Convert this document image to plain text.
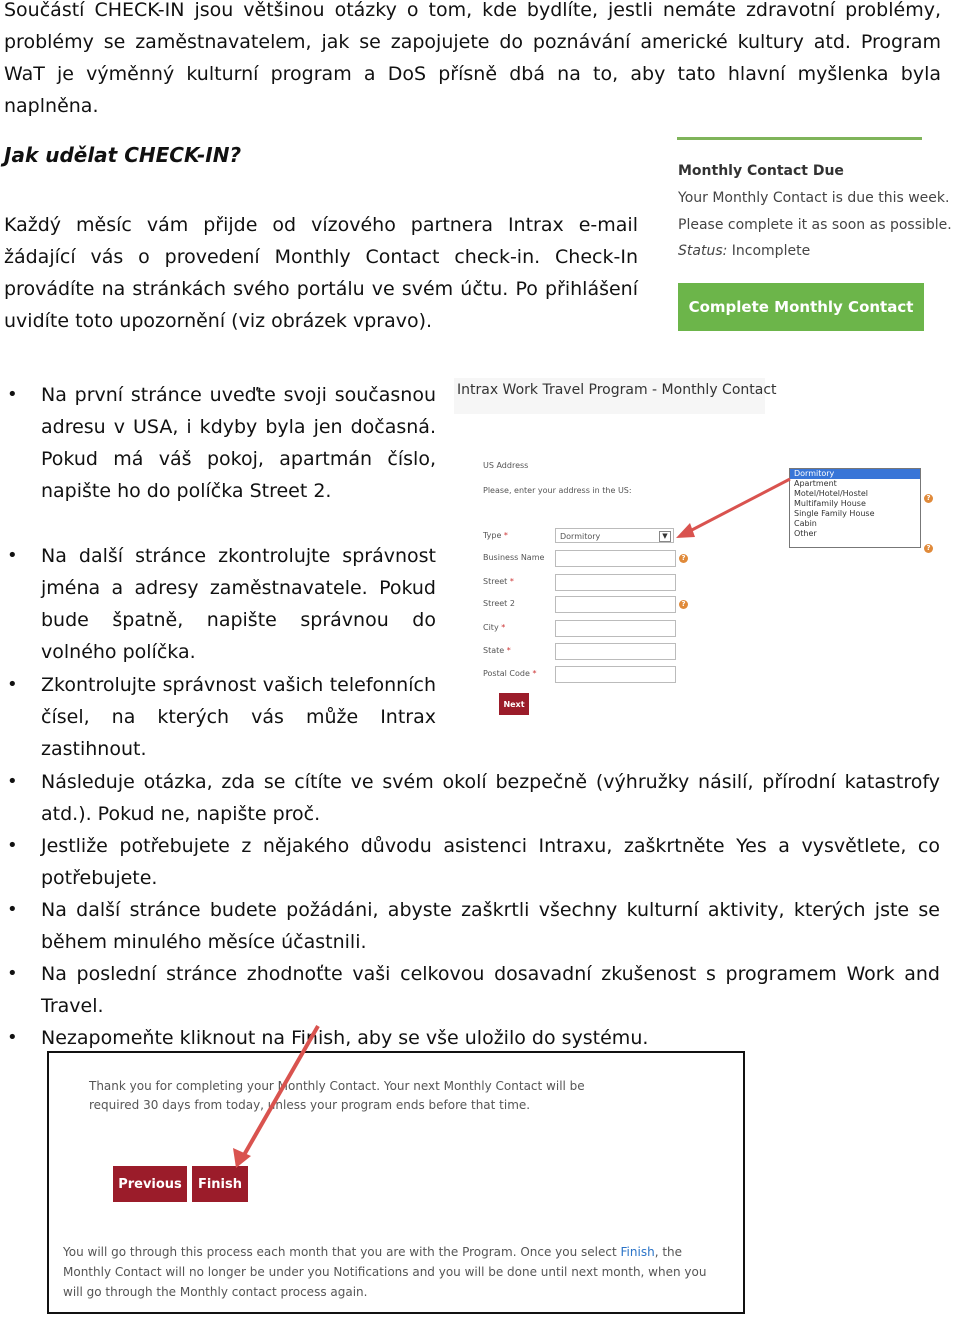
Součástí CHECK-IN jsou většinou otázky o tom, kde bydlíte, jestli nemáte zdravotní problémy, problémy se zaměstnavatelem, jak se zapojujete do poznávání americké kultury atd. Program WaT je výměnný kulturní program a DoS přísně dbá na to, aby tato hlavní myšlenka byla naplněna.

Jak udělat CHECK-IN?

Každý měsíc vám přijde od vízového partnera Intrax e-mail žádající vás o provedení Monthly Contact check-in. Check-In provádíte na stránkách svého portálu ve svém účtu. Po přihlášení uvidíte toto upozornění (viz obrázek vpravo).

Monthly Contact Due
Your Monthly Contact is due this week.
Please complete it as soon as possible.
Status: Incomplete
Complete Monthly Contact
• Na první stránce uveďte svoji současnou adresu v USA, i kdyby byla jen dočasná. Pokud má váš pokoj, apartmán číslo, napište ho do políčka Street 2.
Intrax Work Travel Program - Monthly Contact
US Address
Please, enter your address in the US:
Type *	Dormitory	▼
Business Name	?
Street *
Street 2	?
City *
State *
Postal Code *
Next
Dormitory
Apartment
Motel/Hotel/Hostel
Multifamily House
Single Family House
Cabin
Other
?
?
• Na další stránce zkontrolujte správnost jména a adresy zaměstnavatele. Pokud bude špatně, napište správnou do volného políčka.
• Zkontrolujte správnost vašich telefonních čísel, na kterých vás může Intrax zastihnout.
• Následuje otázka, zda se cítíte ve svém okolí bezpečně (výhružky násilí, přírodní katastrofy atd.). Pokud ne, napište proč.
• Jestliže potřebujete z nějakého důvodu asistenci Intraxu, zaškrtněte Yes a vysvětlete, co potřebujete.
• Na další stránce budete požádáni, abyste zaškrtli všechny kulturní aktivity, kterých jste se během minulého měsíce účastnili.
• Na poslední stránce zhodnoťte vaši celkovou dosavadní zkušenost s programem Work and Travel.
• Nezapomeňte kliknout na Finish, aby se vše uložilo do systému.
Thank you for completing your Monthly Contact. Your next Monthly Contact will be required 30 days from today, unless your program ends before that time.
Previous	Finish
You will go through this process each month that you are with the Program. Once you select Finish, the Monthly Contact will no longer be under you Notifications and you will be done until next month, when you will go through the Monthly contact process again.
